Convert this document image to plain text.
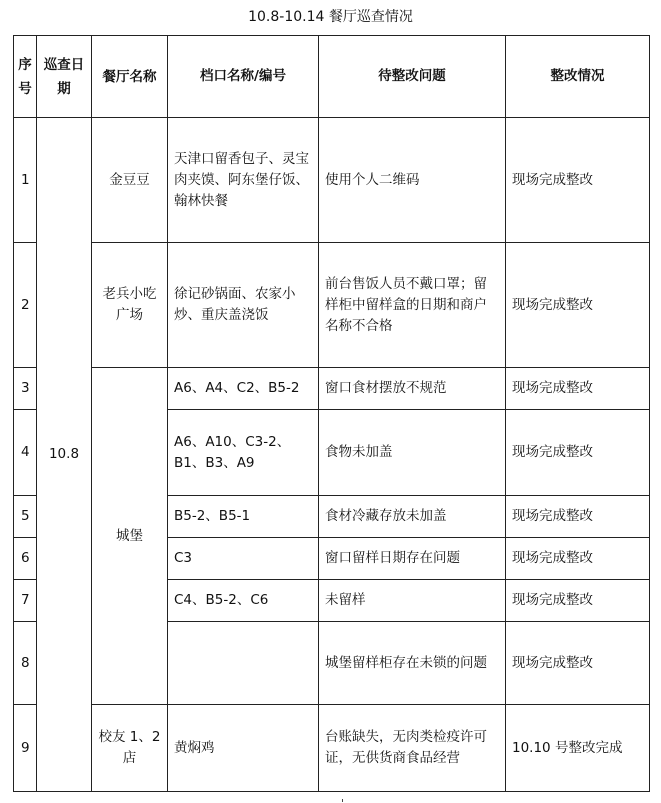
10.8-10.14 餐厅巡查情况
序号	巡查日期	餐厅名称	档口名称/编号	待整改问题	整改情况
1	10.8	金豆豆	天津口留香包子、灵宝肉夹馍、阿东堡仔饭、翰林快餐	使用个人二维码	现场完成整改
2		老兵小吃广场	徐记砂锅面、农家小炒、重庆盖浇饭	前台售饭人员不戴口罩；留样柜中留样盒的日期和商户名称不合格	现场完成整改
3		城堡	A6、A4、C2、B5-2	窗口食材摆放不规范	现场完成整改
4			A6、A10、C3-2、B1、B3、A9	食物未加盖	现场完成整改
5			B5-2、B5-1	食材冷藏存放未加盖	现场完成整改
6			C3	窗口留样日期存在问题	现场完成整改
7			C4、B5-2、C6	未留样	现场完成整改
8				城堡留样柜存在未锁的问题	现场完成整改
9		校友 1、2店	黄焖鸡	台账缺失，无肉类检疫许可证，无供货商食品经营	10.10 号整改完成
